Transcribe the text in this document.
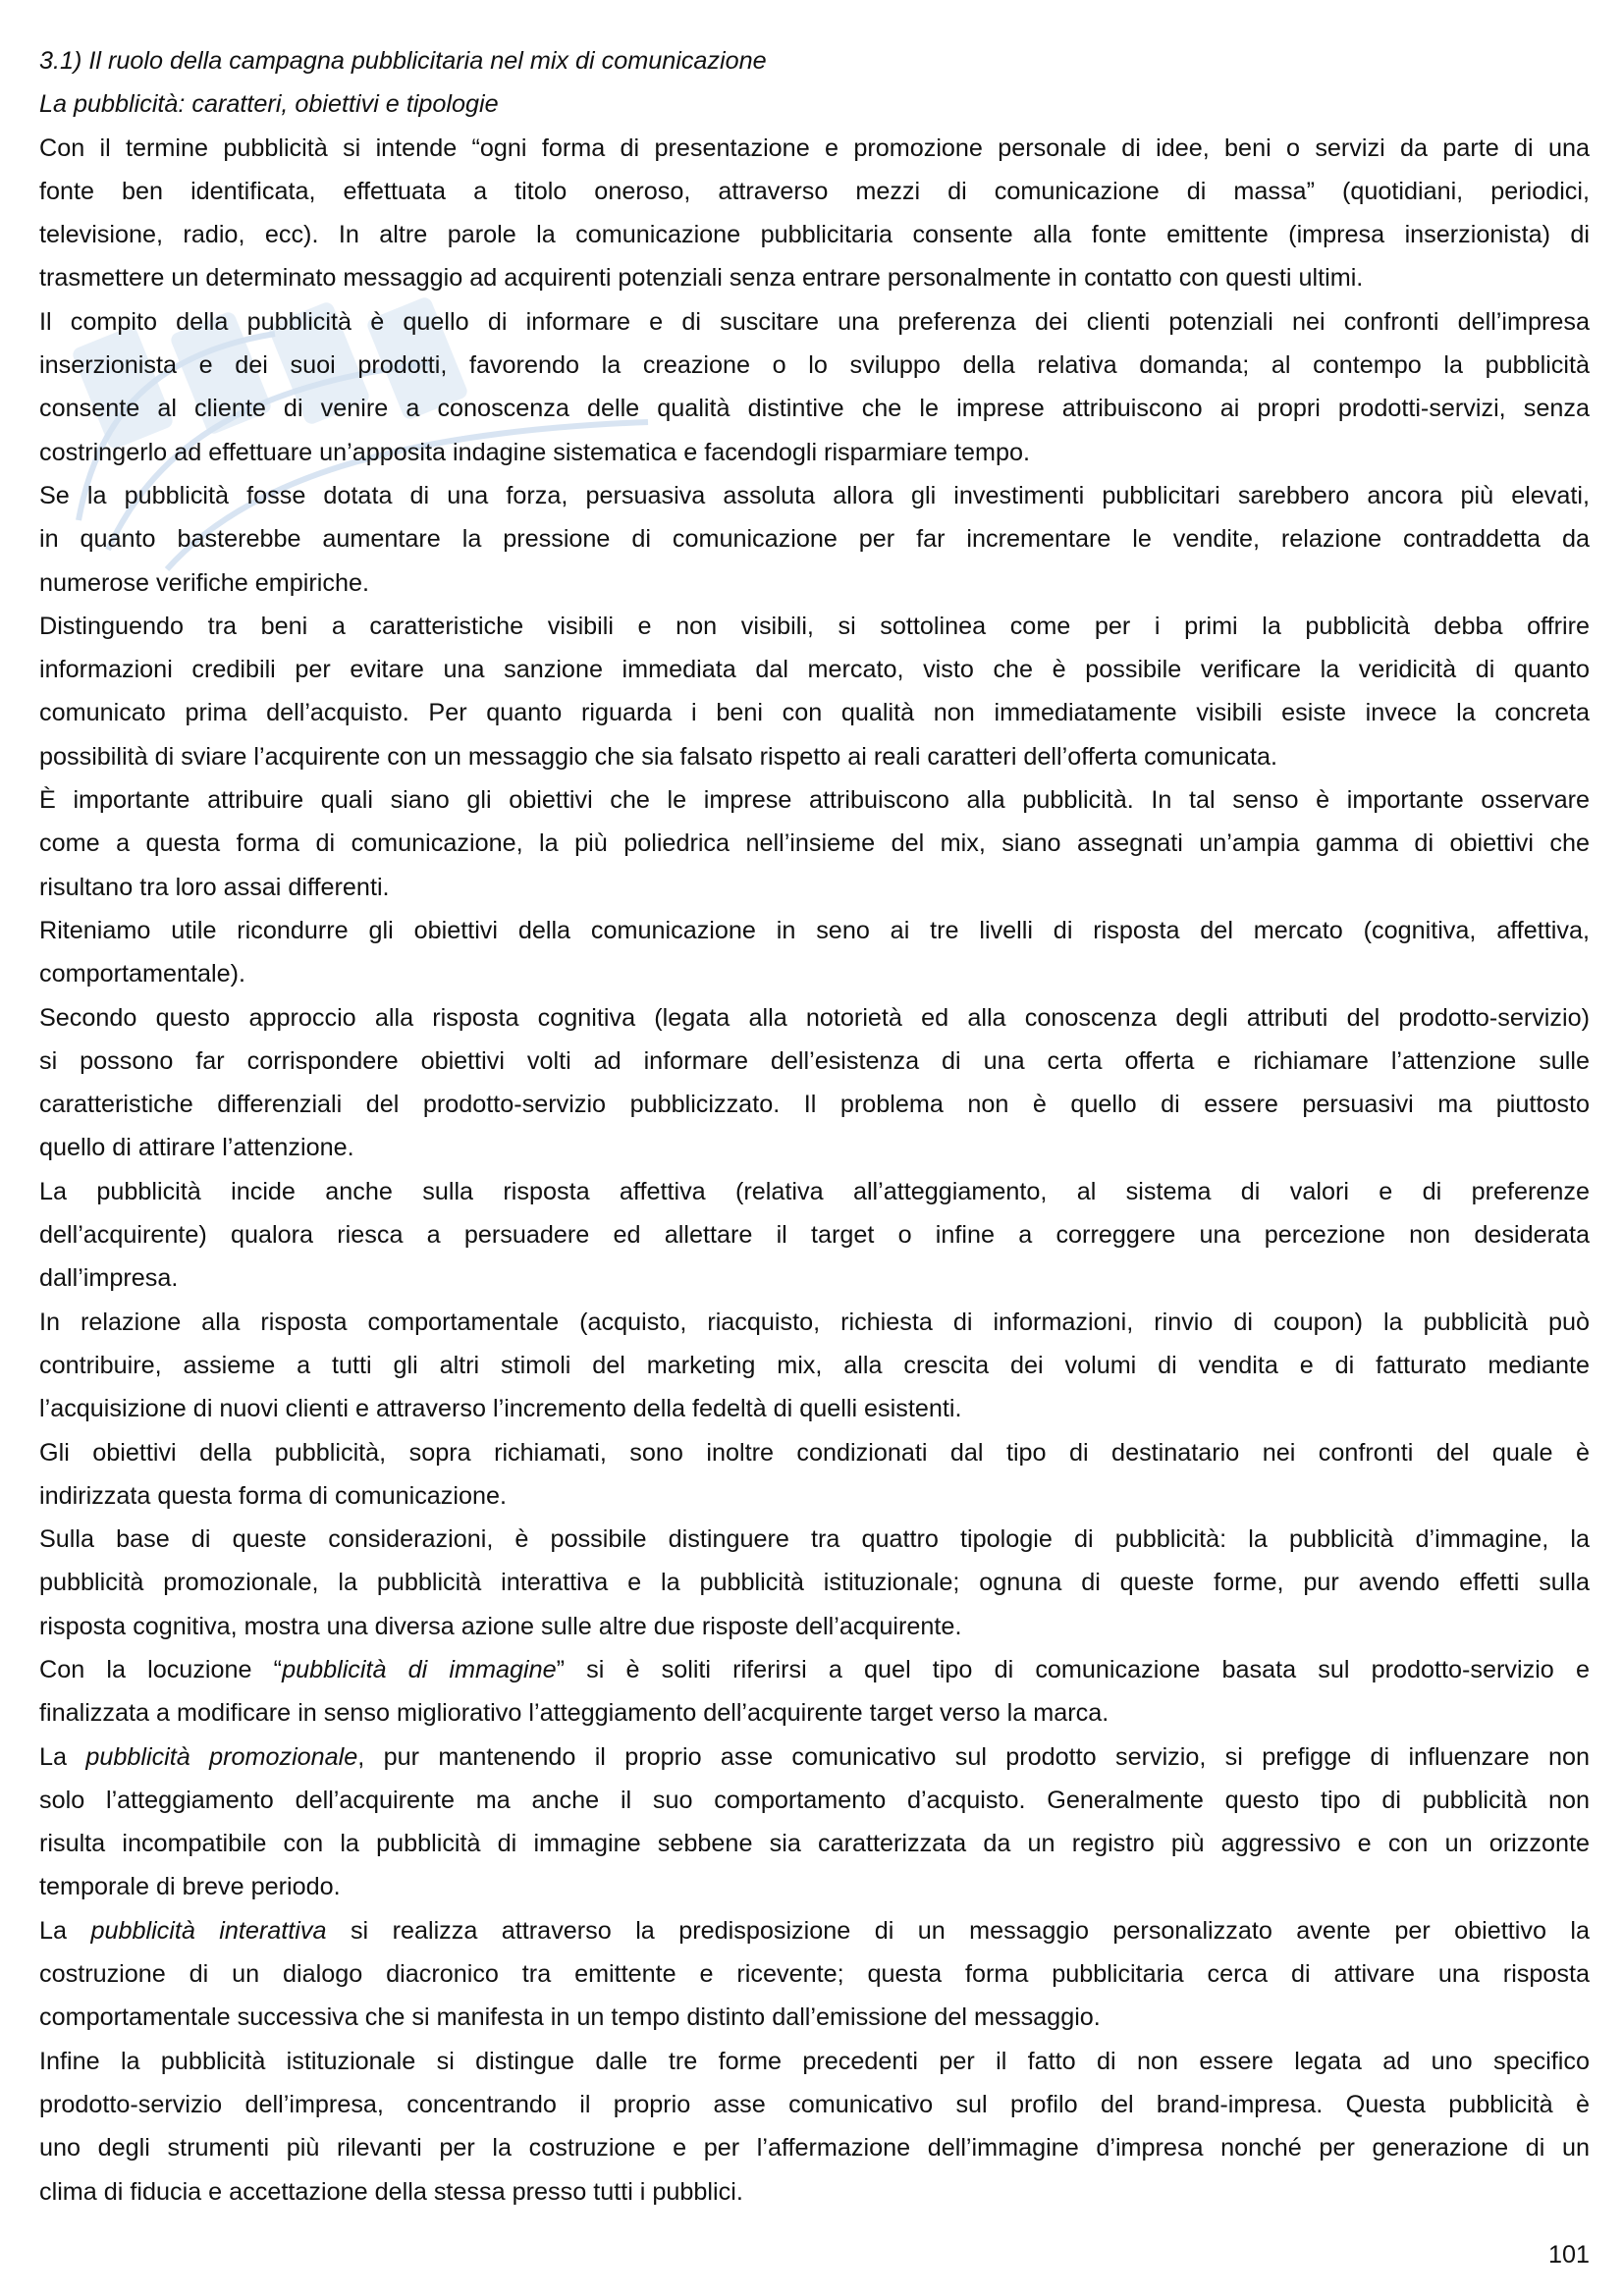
3.1) Il ruolo della campagna pubblicitaria nel mix di comunicazione
La pubblicità: caratteri, obiettivi e tipologie
Con il termine pubblicità si intende “ogni forma di presentazione e promozione personale di idee, beni o servizi da parte di una
fonte ben identificata, effettuata a titolo oneroso, attraverso mezzi di comunicazione di massa” (quotidiani, periodici,
televisione, radio, ecc). In altre parole la comunicazione pubblicitaria consente alla fonte emittente (impresa inserzionista) di
trasmettere un determinato messaggio ad acquirenti potenziali senza entrare personalmente in contatto con questi ultimi.
Il compito della pubblicità è quello di informare e di suscitare una preferenza dei clienti potenziali nei confronti dell’impresa
inserzionista e dei suoi prodotti, favorendo la creazione o lo sviluppo della relativa domanda; al contempo la pubblicità
consente al cliente di venire a conoscenza delle qualità distintive che le imprese attribuiscono ai propri prodotti-servizi, senza
costringerlo ad effettuare un’apposita indagine sistematica e facendogli risparmiare tempo.
Se la pubblicità fosse dotata di una forza, persuasiva assoluta allora gli investimenti pubblicitari sarebbero ancora più elevati,
in quanto basterebbe aumentare la pressione di comunicazione per far incrementare le vendite, relazione contraddetta da
numerose verifiche empiriche.
Distinguendo tra beni a caratteristiche visibili e non visibili, si sottolinea come per i primi la pubblicità debba offrire
informazioni credibili per evitare una sanzione immediata dal mercato, visto che è possibile verificare la veridicità di quanto
comunicato prima dell’acquisto. Per quanto riguarda i beni con qualità non immediatamente visibili esiste invece la concreta
possibilità di sviare l’acquirente con un messaggio che sia falsato rispetto ai reali caratteri dell’offerta comunicata.
È importante attribuire quali siano gli obiettivi che le imprese attribuiscono alla pubblicità. In tal senso è importante osservare
come a questa forma di comunicazione, la più poliedrica nell’insieme del mix, siano assegnati un’ampia gamma di obiettivi che
risultano tra loro assai differenti.
Riteniamo utile ricondurre gli obiettivi della comunicazione in seno ai tre livelli di risposta del mercato (cognitiva, affettiva,
comportamentale).
Secondo questo approccio alla risposta cognitiva (legata alla notorietà ed alla conoscenza degli attributi del prodotto-servizio)
si possono far corrispondere obiettivi volti ad informare dell’esistenza di una certa offerta e richiamare l’attenzione sulle
caratteristiche differenziali del prodotto-servizio pubblicizzato. Il problema non è quello di essere persuasivi ma piuttosto
quello di attirare l’attenzione.
La pubblicità incide anche sulla risposta affettiva (relativa all’atteggiamento, al sistema di valori e di preferenze
dell’acquirente) qualora riesca a persuadere ed allettare il target o infine a correggere una percezione non desiderata
dall’impresa.
In relazione alla risposta comportamentale (acquisto, riacquisto, richiesta di informazioni, rinvio di coupon) la pubblicità può
contribuire, assieme a tutti gli altri stimoli del marketing mix, alla crescita dei volumi di vendita e di fatturato mediante
l’acquisizione di nuovi clienti e attraverso l’incremento della fedeltà di quelli esistenti.
Gli obiettivi della pubblicità, sopra richiamati, sono inoltre condizionati dal tipo di destinatario nei confronti del quale è
indirizzata questa forma di comunicazione.
Sulla base di queste considerazioni, è possibile distinguere tra quattro tipologie di pubblicità: la pubblicità d’immagine, la
pubblicità promozionale, la pubblicità interattiva e la pubblicità istituzionale; ognuna di queste forme, pur avendo effetti sulla
risposta cognitiva, mostra una diversa azione sulle altre due risposte dell’acquirente.
Con la locuzione “pubblicità di immagine” si è soliti riferirsi a quel tipo di comunicazione basata sul prodotto-servizio e
finalizzata a modificare in senso migliorativo l’atteggiamento dell’acquirente target verso la marca.
La pubblicità promozionale, pur mantenendo il proprio asse comunicativo sul prodotto servizio, si prefigge di influenzare non
solo l’atteggiamento dell’acquirente ma anche il suo comportamento d’acquisto. Generalmente questo tipo di pubblicità non
risulta incompatibile con la pubblicità di immagine sebbene sia caratterizzata da un registro più aggressivo e con un orizzonte
temporale di breve periodo.
La pubblicità interattiva si realizza attraverso la predisposizione di un messaggio personalizzato avente per obiettivo la
costruzione di un dialogo diacronico tra emittente e ricevente; questa forma pubblicitaria cerca di attivare una risposta
comportamentale successiva che si manifesta in un tempo distinto dall’emissione del messaggio.
Infine la pubblicità istituzionale si distingue dalle tre forme precedenti per il fatto di non essere legata ad uno specifico
prodotto-servizio dell’impresa, concentrando il proprio asse comunicativo sul profilo del brand-impresa. Questa pubblicità è
uno degli strumenti più rilevanti per la costruzione e per l’affermazione dell’immagine d’impresa nonché per generazione di un
clima di fiducia e accettazione della stessa presso tutti i pubblici.
101
